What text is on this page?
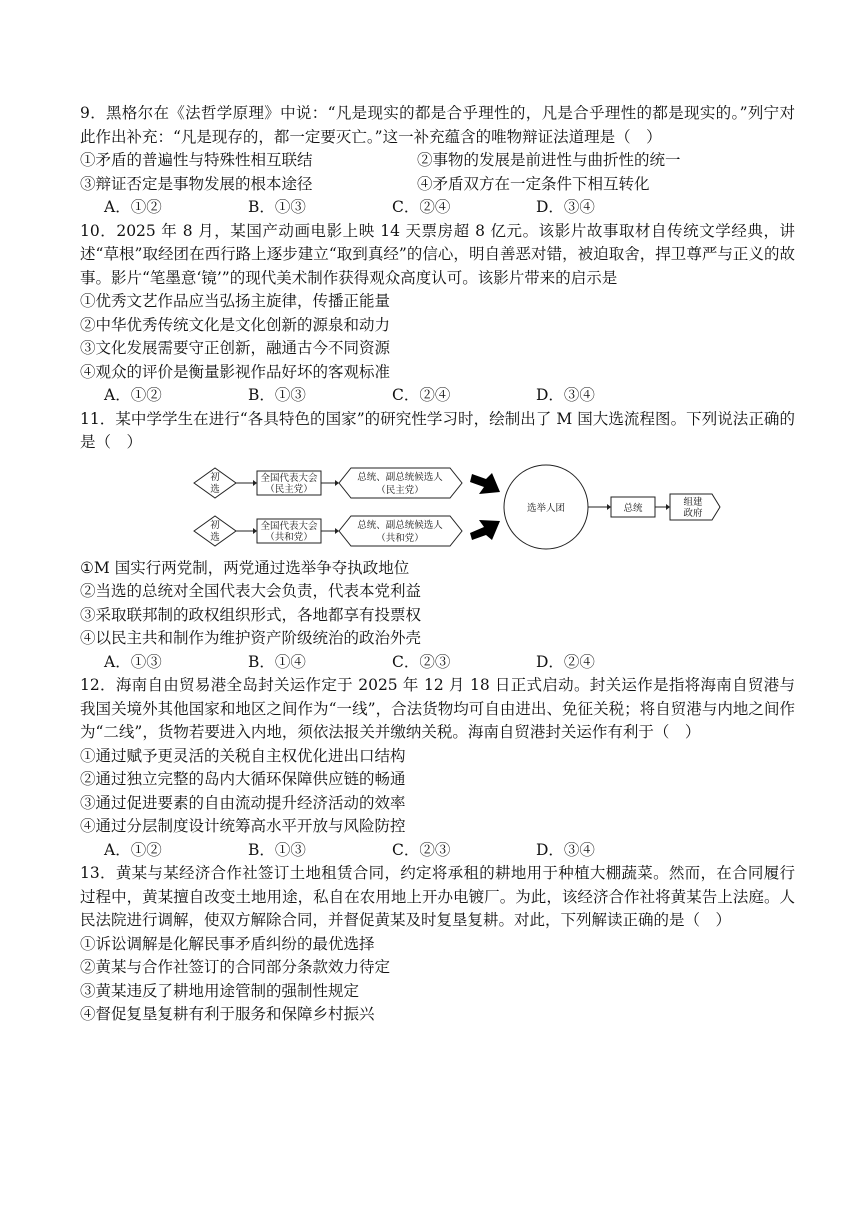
9．黑格尔在《法哲学原理》中说：“凡是现实的都是合乎理性的，凡是合乎理性的都是现实的。”列宁对此作出补充：“凡是现存的，都一定要灭亡。”这一补充蕴含的唯物辩证法道理是（　）

①矛盾的普遍性与特殊性相互联结	②事物的发展是前进性与曲折性的统一
③辩证否定是事物发展的根本途径	④矛盾双方在一定条件下相互转化
A．①②	B．①③	C．②④	D．③④

10．2025 年 8 月，某国产动画电影上映 14 天票房超 8 亿元。该影片故事取材自传统文学经典，讲述“草根”取经团在西行路上逐步建立“取到真经”的信心，明自善恶对错，被迫取舍，捍卫尊严与正义的故事。影片“笔墨意‘镜’”的现代美术制作获得观众高度认可。该影片带来的启示是

①优秀文艺作品应当弘扬主旋律，传播正能量

②中华优秀传统文化是文化创新的源泉和动力

③文化发展需要守正创新，融通古今不同资源

④观众的评价是衡量影视作品好坏的客观标准

A．①②	B．①③	C．②④	D．③④

11．某中学学生在进行“各具特色的国家”的研究性学习时，绘制出了 M 国大选流程图。下列说法正确的是（　）

初
选
全国代表大会
（民主党）
总统、副总统候选人
（民主党）
初
选
全国代表大会
（共和党）
总统、副总统候选人
（共和党）
选举人团	总统
组建
政府

①M 国实行两党制，两党通过选举争夺执政地位

②当选的总统对全国代表大会负责，代表本党利益

③采取联邦制的政权组织形式，各地都享有投票权

④以民主共和制作为维护资产阶级统治的政治外壳

A．①③	B．①④	C．②③	D．②④

12．海南自由贸易港全岛封关运作定于 2025 年 12 月 18 日正式启动。封关运作是指将海南自贸港与我国关境外其他国家和地区之间作为“一线”，合法货物均可自由进出、免征关税；将自贸港与内地之间作为“二线”，货物若要进入内地，须依法报关并缴纳关税。海南自贸港封关运作有利于（　）

①通过赋予更灵活的关税自主权优化进出口结构

②通过独立完整的岛内大循环保障供应链的畅通

③通过促进要素的自由流动提升经济活动的效率

④通过分层制度设计统筹高水平开放与风险防控

A．①②	B．①③	C．②③	D．③④

13．黄某与某经济合作社签订土地租赁合同，约定将承租的耕地用于种植大棚蔬菜。然而，在合同履行过程中，黄某擅自改变土地用途，私自在农用地上开办电镀厂。为此，该经济合作社将黄某告上法庭。人民法院进行调解，使双方解除合同，并督促黄某及时复垦复耕。对此，下列解读正确的是（　）

①诉讼调解是化解民事矛盾纠纷的最优选择

②黄某与合作社签订的合同部分条款效力待定

③黄某违反了耕地用途管制的强制性规定

④督促复垦复耕有利于服务和保障乡村振兴
